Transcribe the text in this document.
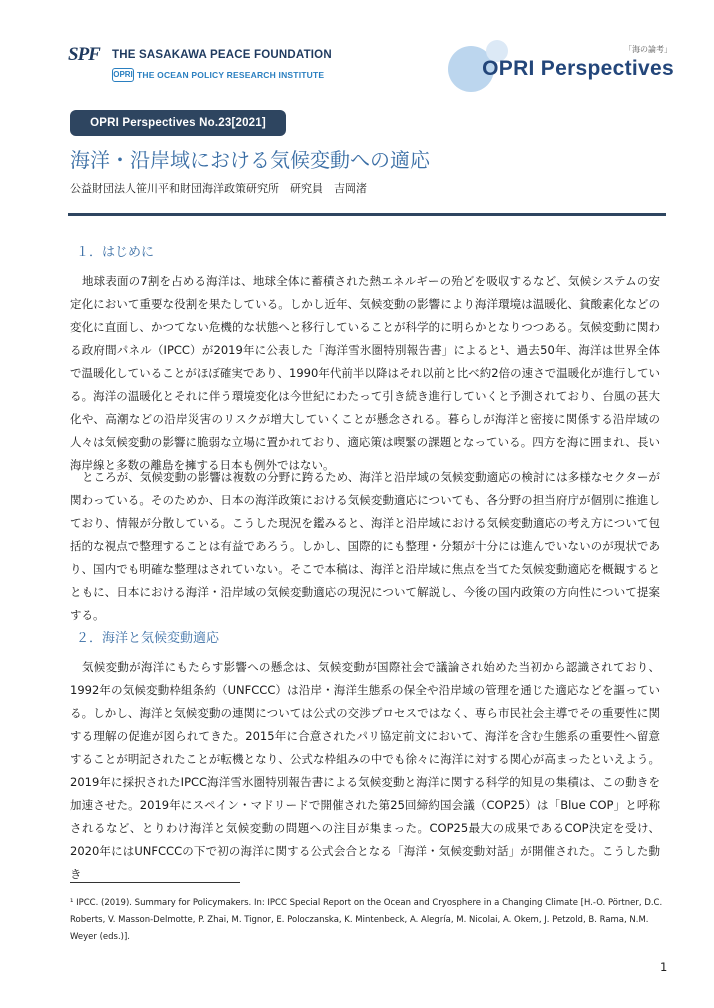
SPF	THE SASAKAWA PEACE FOUNDATION
OPRI THE OCEAN POLICY RESEARCH INSTITUTE
「海の論考」
OPRI Perspectives
OPRI Perspectives No.23[2021]
海洋・沿岸域における気候変動への適応
公益財団法人笹川平和財団海洋政策研究所　研究員　吉岡渚
１．はじめに

地球表面の7割を占める海洋は、地球全体に蓄積された熱エネルギーの殆どを吸収するなど、気候システムの安定化において重要な役割を果たしている。しかし近年、気候変動の影響により海洋環境は温暖化、貧酸素化などの変化に直面し、かつてない危機的な状態へと移行していることが科学的に明らかとなりつつある。気候変動に関わる政府間パネル（IPCC）が2019年に公表した「海洋雪氷圏特別報告書」によると¹、過去50年、海洋は世界全体で温暖化していることがほぼ確実であり、1990年代前半以降はそれ以前と比べ約2倍の速さで温暖化が進行している。海洋の温暖化とそれに伴う環境変化は今世紀にわたって引き続き進行していくと予測されており、台風の甚大化や、高潮などの沿岸災害のリスクが増大していくことが懸念される。暮らしが海洋と密接に関係する沿岸域の人々は気候変動の影響に脆弱な立場に置かれており、適応策は喫緊の課題となっている。四方を海に囲まれ、長い海岸線と多数の離島を擁する日本も例外ではない。

ところが、気候変動の影響は複数の分野に跨るため、海洋と沿岸域の気候変動適応の検討には多様なセクターが関わっている。そのためか、日本の海洋政策における気候変動適応についても、各分野の担当府庁が個別に推進しており、情報が分散している。こうした現況を鑑みると、海洋と沿岸域における気候変動適応の考え方について包括的な視点で整理することは有益であろう。しかし、国際的にも整理・分類が十分には進んでいないのが現状であり、国内でも明確な整理はされていない。そこで本稿は、海洋と沿岸域に焦点を当てた気候変動適応を概観するとともに、日本における海洋・沿岸域の気候変動適応の現況について解説し、今後の国内政策の方向性について提案する。

２．海洋と気候変動適応

気候変動が海洋にもたらす影響への懸念は、気候変動が国際社会で議論され始めた当初から認識されており、1992年の気候変動枠組条約（UNFCCC）は沿岸・海洋生態系の保全や沿岸域の管理を通じた適応などを謳っている。しかし、海洋と気候変動の連関については公式の交渉プロセスではなく、専ら市民社会主導でその重要性に関する理解の促進が図られてきた。2015年に合意されたパリ協定前文において、海洋を含む生態系の重要性へ留意することが明記されたことが転機となり、公式な枠組みの中でも徐々に海洋に対する関心が高まったといえよう。2019年に採択されたIPCC海洋雪氷圏特別報告書による気候変動と海洋に関する科学的知見の集積は、この動きを加速させた。2019年にスペイン・マドリードで開催された第25回締約国会議（COP25）は「Blue COP」と呼称されるなど、とりわけ海洋と気候変動の問題への注目が集まった。COP25最大の成果であるCOP決定を受け、2020年にはUNFCCCの下で初の海洋に関する公式会合となる「海洋・気候変動対話」が開催された。こうした動き

¹ IPCC. (2019). Summary for Policymakers. In: IPCC Special Report on the Ocean and Cryosphere in a Changing Climate [H.-O. Pörtner, D.C. Roberts, V. Masson-Delmotte, P. Zhai, M. Tignor, E. Poloczanska, K. Mintenbeck, A. Alegría, M. Nicolai, A. Okem, J. Petzold, B. Rama, N.M. Weyer (eds.)].

1
